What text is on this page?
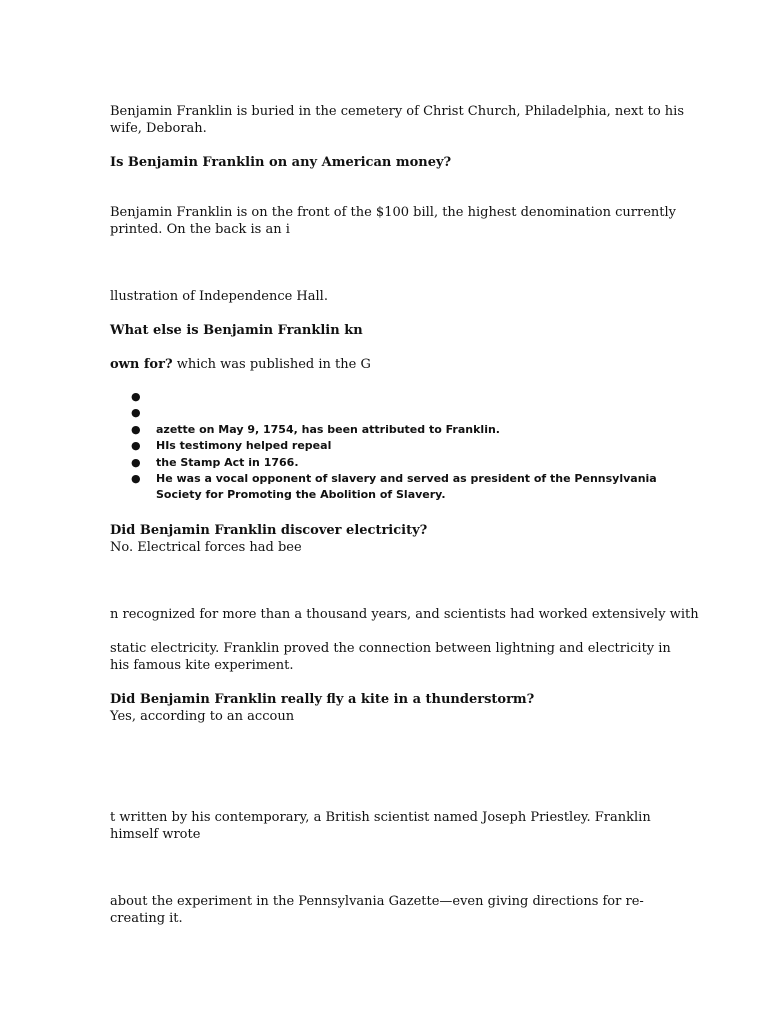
Benjamin Franklin is buried in the cemetery of Christ Church, Philadelphia, next to his
wife, Deborah.
Is Benjamin Franklin on any American money?
Benjamin Franklin is on the front of the $100 bill, the highest denomination currently
printed. On the back is an i
llustration of Independence Hall.
What else is Benjamin Franklin kn
own for? which was published in the G
●
●
● azette on May 9, 1754, has been attributed to Franklin.
● HIs testimony helped repeal
● the Stamp Act in 1766.
● He was a vocal opponent of slavery and served as president of the Pennsylvania
Society for Promoting the Abolition of Slavery.
Did Benjamin Franklin discover electricity?
No. Electrical forces had bee
n recognized for more than a thousand years, and scientists had worked extensively with
static electricity. Franklin proved the connection between lightning and electricity in
his famous kite experiment.
Did Benjamin Franklin really fly a kite in a thunderstorm?
Yes, according to an accoun
t written by his contemporary, a British scientist named Joseph Priestley. Franklin
himself wrote
about the experiment in the Pennsylvania Gazette—even giving directions for re-
creating it.
